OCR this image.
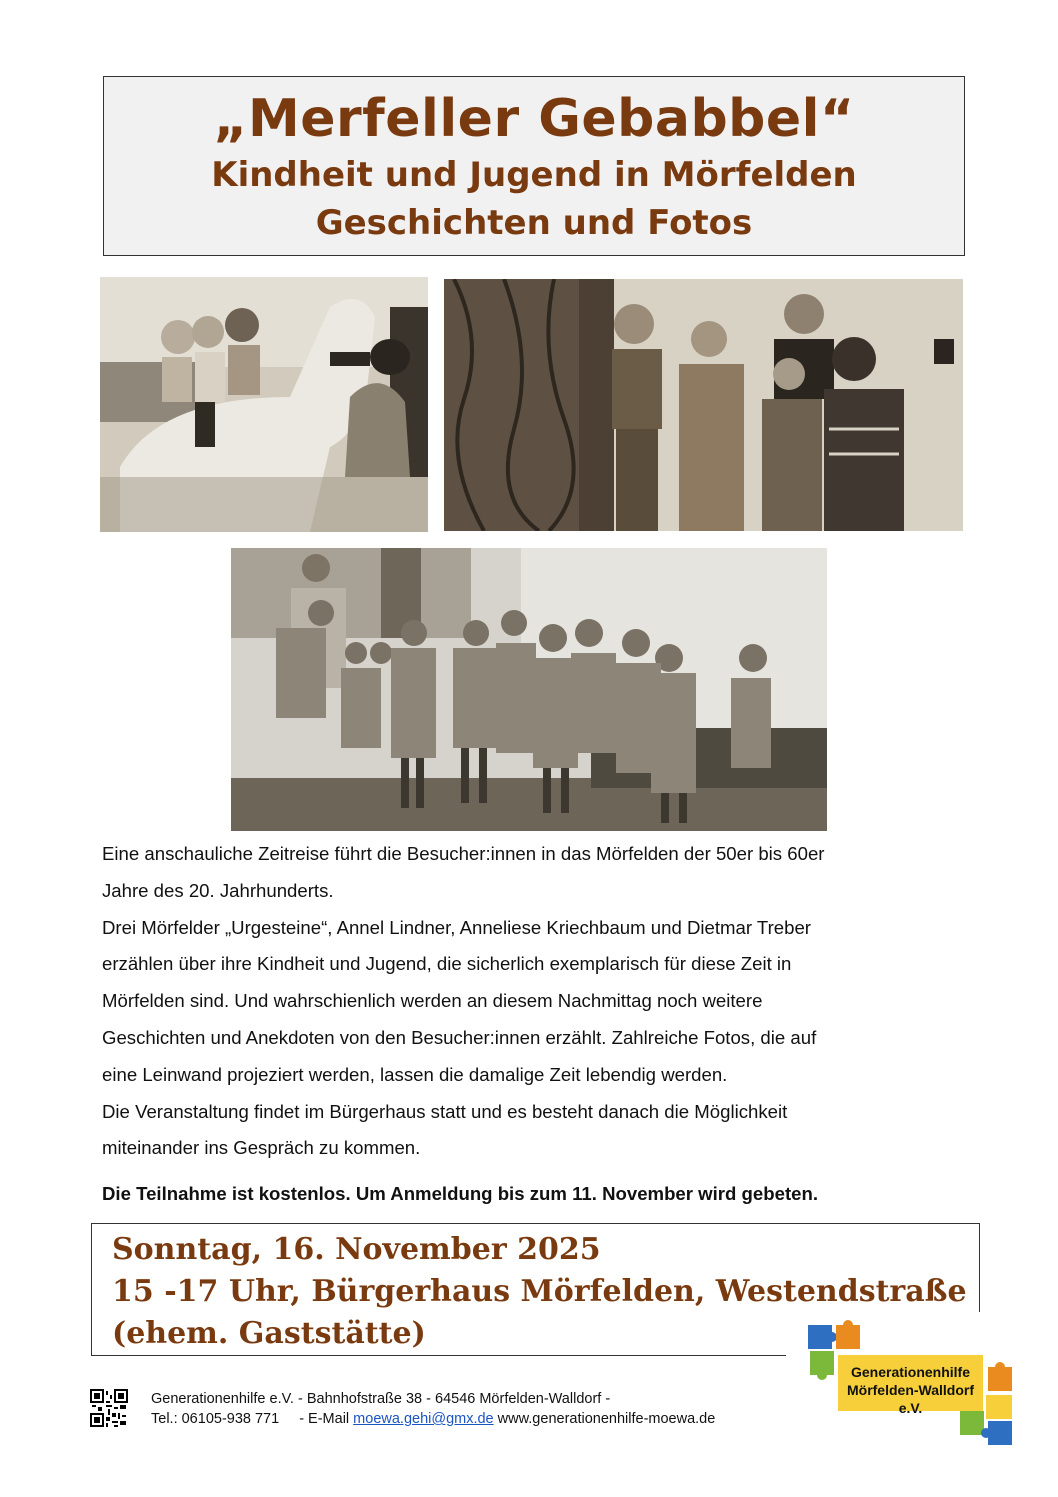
„Merfeller Gebabbel“
Kindheit und Jugend in Mörfelden
Geschichten und Fotos

Eine anschauliche Zeitreise führt die Besucher:innen in das Mörfelden der 50er bis 60er

Jahre des 20. Jahrhunderts.

Drei Mörfelder „Urgesteine“, Annel Lindner, Anneliese Kriechbaum und Dietmar Treber

erzählen über ihre Kindheit und Jugend, die sicherlich exemplarisch für diese Zeit in

Mörfelden sind. Und wahrschienlich werden an diesem Nachmittag noch weitere

Geschichten und Anekdoten von den Besucher:innen erzählt. Zahlreiche Fotos, die auf

eine Leinwand projeziert werden, lassen die damalige Zeit lebendig werden.

Die Veranstaltung findet im Bürgerhaus statt und es besteht danach die Möglichkeit

miteinander ins Gespräch zu kommen.

Die Teilnahme ist kostenlos. Um Anmeldung bis zum 11. November wird gebeten.
Sonntag, 16. November 2025
15 -17 Uhr, Bürgerhaus Mörfelden, Westendstraße
(ehem. Gaststätte)
Generationenhilfe
Mörfelden-Walldorf e.V.
Generationenhilfe e.V. - Bahnhofstraße 38 - 64546 Mörfelden-Walldorf -
Tel.: 06105-938 771 - E-Mail moewa.gehi@gmx.de www.generationenhilfe-moewa.de
